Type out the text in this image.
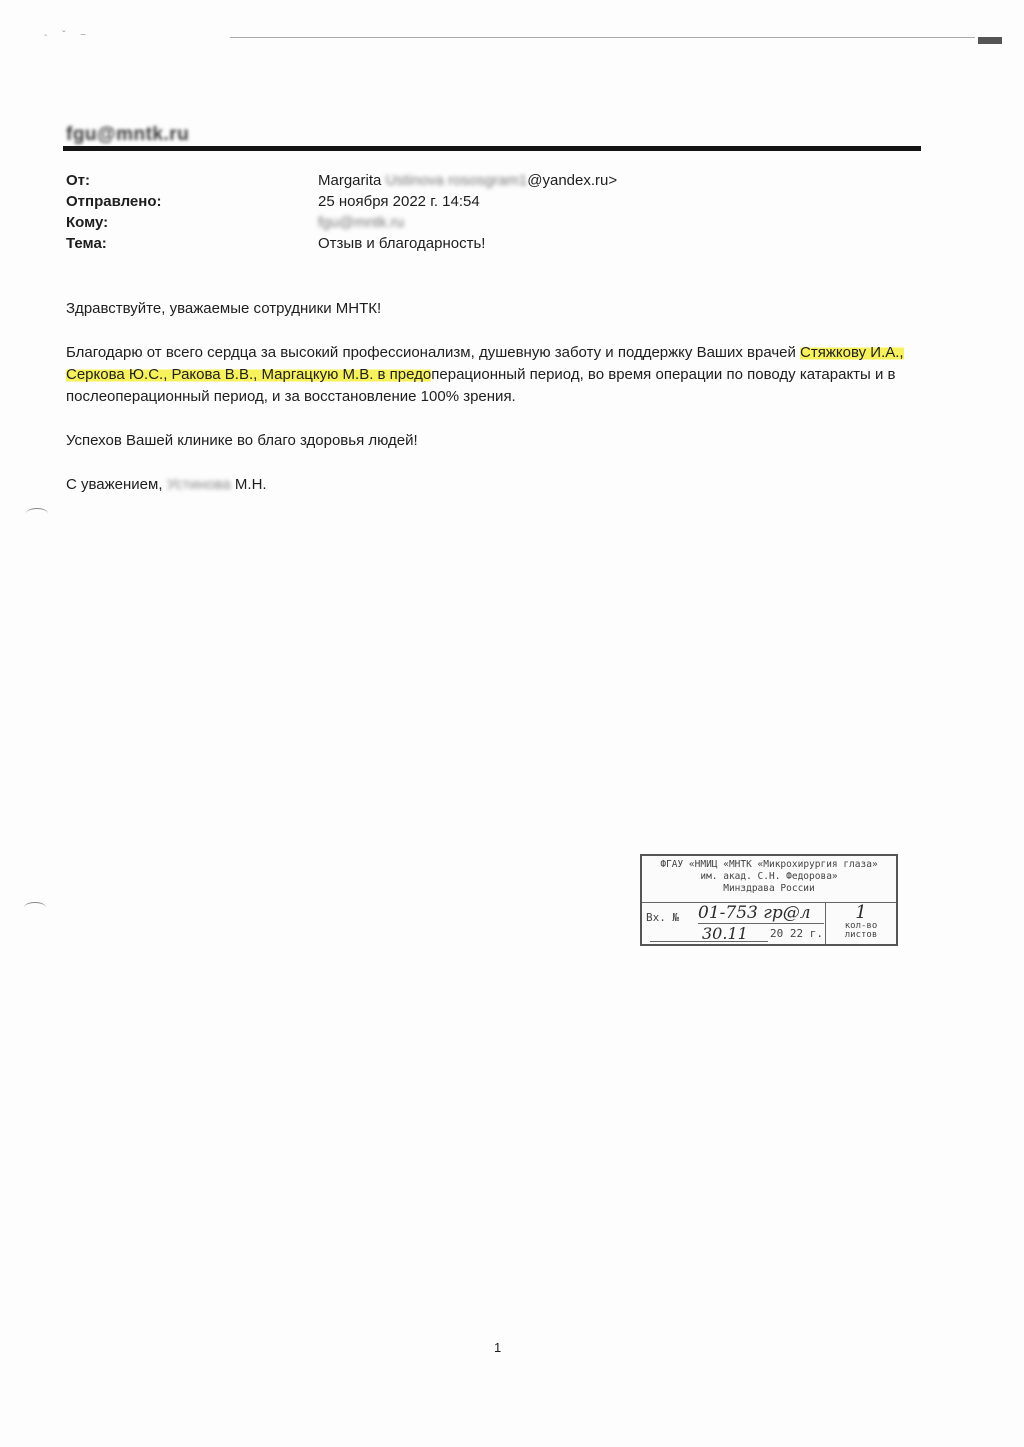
- ˇ ~
fgu@mntk.ru
От:	Margarita Ustinova rososgram1@yandex.ru>
Отправлено:	25 ноября 2022 г. 14:54
Кому:	fgu@mntk.ru
Тема:	Отзыв и благодарность!

Здравствуйте, уважаемые сотрудники МНТК!

Благодарю от всего сердца за высокий профессионализм, душевную заботу и поддержку Ваших врачей Стяжкову И.А., Серкова Ю.С., Ракова В.В., Маргацкую М.В. в предоперационный период, во время операции по поводу катаракты и в послеоперационный период, и за восстановление 100% зрения.

Успехов Вашей клинике во благо здоровья людей!

С уважением, Устинова М.Н.

ФГАУ «НМИЦ «МНТК «Микрохирургия глаза»
им. акад. С.Н. Федорова»
Минздрава России
Вх. № 01-753 гр@л
30.11	20 22 г.
1
кол-во листов
1
